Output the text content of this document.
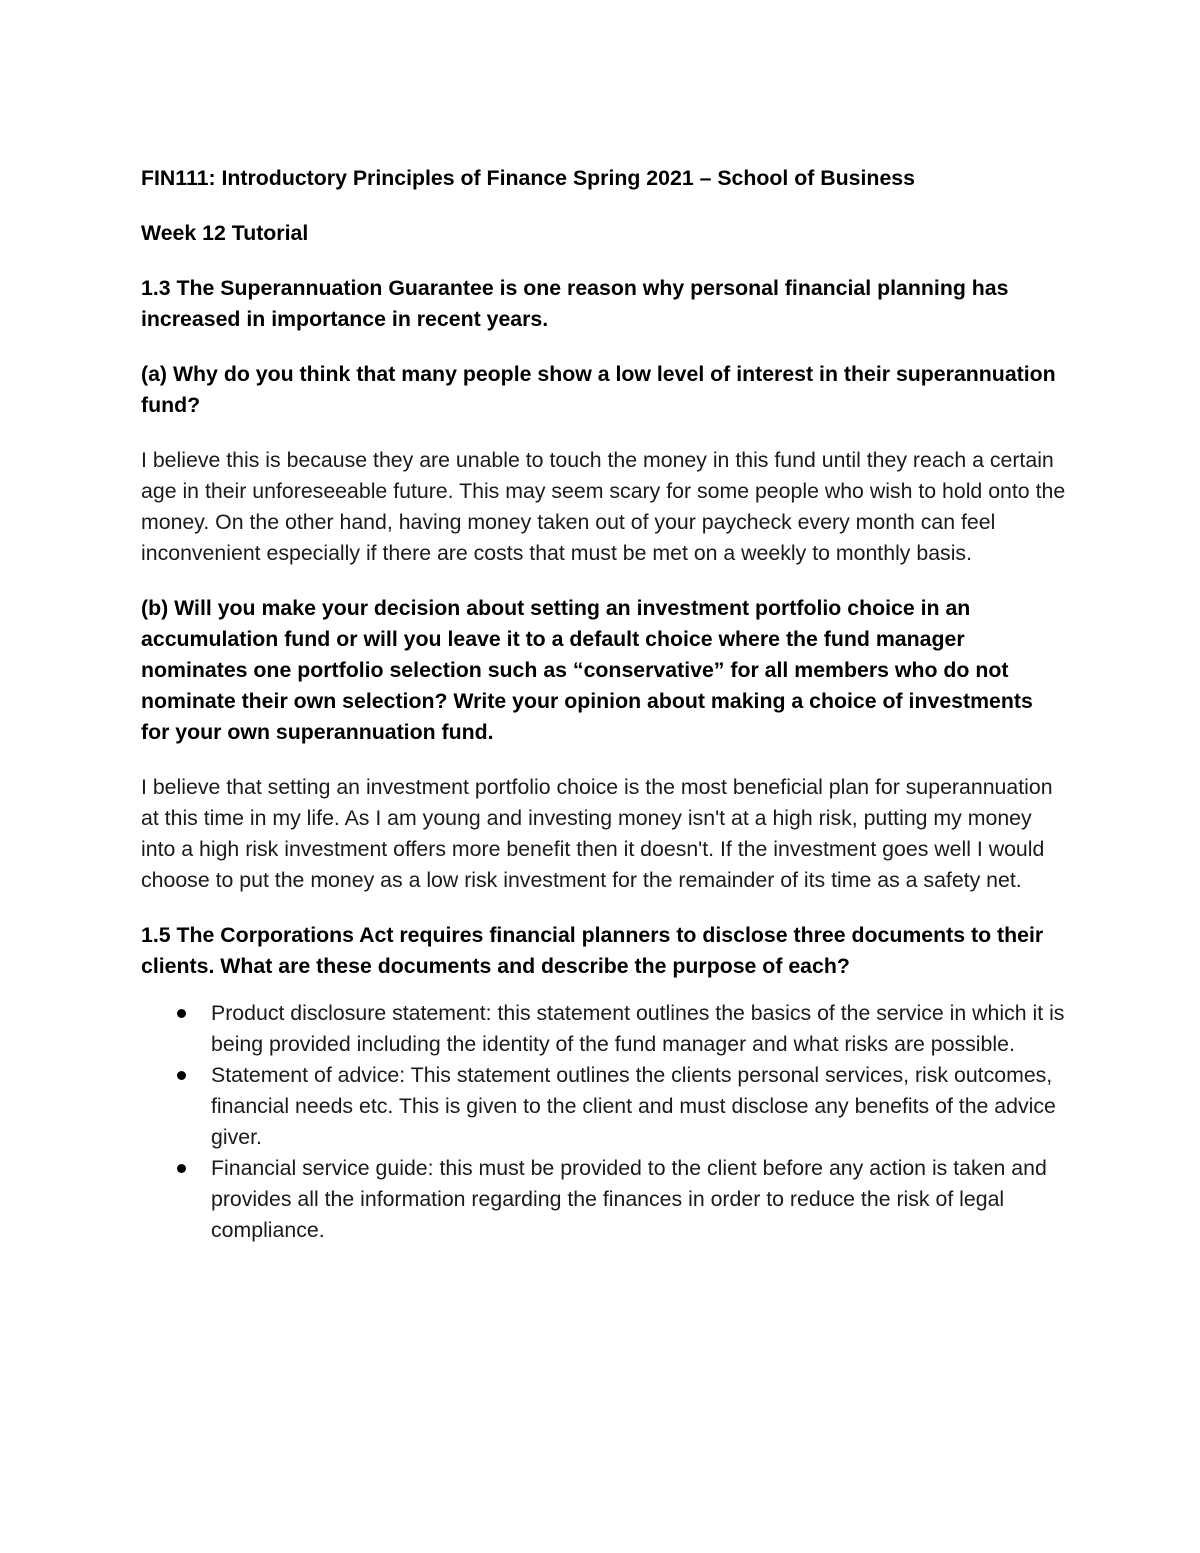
FIN111: Introductory Principles of Finance Spring 2021 – School of Business

Week 12 Tutorial

1.3 The Superannuation Guarantee is one reason why personal financial planning has increased in importance in recent years.

(a) Why do you think that many people show a low level of interest in their superannuation fund?

I believe this is because they are unable to touch the money in this fund until they reach a certain age in their unforeseeable future. This may seem scary for some people who wish to hold onto the money. On the other hand, having money taken out of your paycheck every month can feel inconvenient especially if there are costs that must be met on a weekly to monthly basis.

(b) Will you make your decision about setting an investment portfolio choice in an accumulation fund or will you leave it to a default choice where the fund manager nominates one portfolio selection such as “conservative” for all members who do not nominate their own selection? Write your opinion about making a choice of investments for your own superannuation fund.

I believe that setting an investment portfolio choice is the most beneficial plan for superannuation at this time in my life. As I am young and investing money isn't at a high risk, putting my money into a high risk investment offers more benefit then it doesn't. If the investment goes well I would choose to put the money as a low risk investment for the remainder of its time as a safety net.

1.5 The Corporations Act requires financial planners to disclose three documents to their clients. What are these documents and describe the purpose of each?

Product disclosure statement: this statement outlines the basics of the service in which it is being provided including the identity of the fund manager and what risks are possible.
Statement of advice: This statement outlines the clients personal services, risk outcomes, financial needs etc. This is given to the client and must disclose any benefits of the advice giver.
Financial service guide: this must be provided to the client before any action is taken and provides all the information regarding the finances in order to reduce the risk of legal compliance.
